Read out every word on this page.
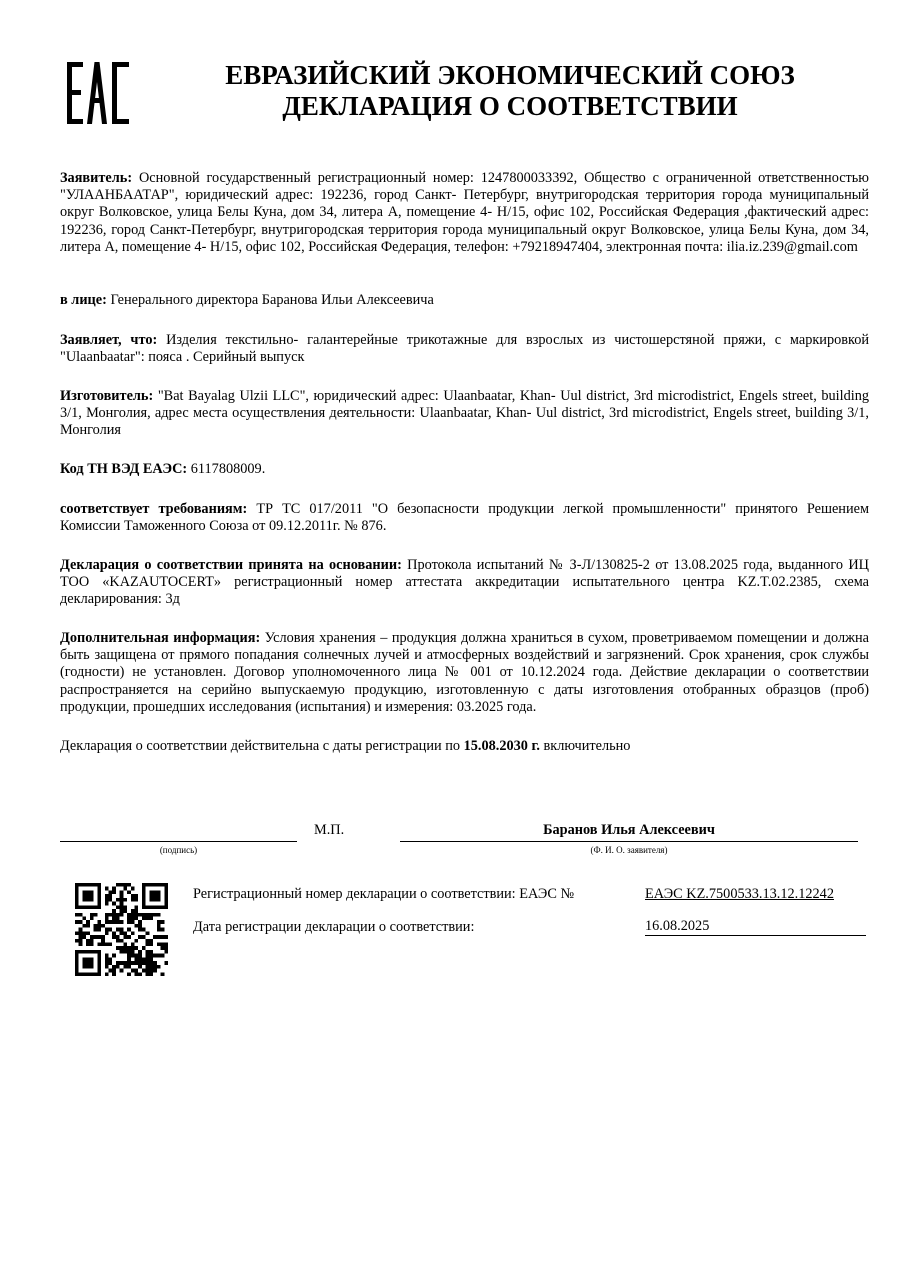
ЕВРАЗИЙСКИЙ ЭКОНОМИЧЕСКИЙ СОЮЗ
ДЕКЛАРАЦИЯ О СООТВЕТСТВИИ
Заявитель: Основной государственный регистрационный номер: 1247800033392, Общество с ограниченной ответственностью "УЛААНБААТАР", юридический адрес: 192236, город Санкт- Петербург, внутригородская территория города муниципальный округ Волковское, улица Белы Куна, дом 34, литера А, помещение 4- Н/15, офис 102, Российская Федерация ,фактический адрес: 192236, город Санкт-Петербург, внутригородская территория города муниципальный округ Волковское, улица Белы Куна, дом 34, литера А, помещение 4- Н/15, офис 102, Российская Федерация, телефон: +79218947404, электронная почта: ilia.iz.239@gmail.com
в лице: Генерального директора Баранова Ильи Алексеевича
Заявляет, что: Изделия текстильно- галантерейные трикотажные для взрослых из чистошерстяной пряжи, с маркировкой "Ulaanbaatar": пояса . Серийный выпуск
Изготовитель: "Bat Bayalag Ulzii LLC", юридический адрес: Ulaanbaatar, Khan- Uul district, 3rd microdistrict, Engels street, building 3/1, Монголия, адрес места осуществления деятельности: Ulaanbaatar, Khan- Uul district, 3rd microdistrict, Engels street, building 3/1, Монголия
Код ТН ВЭД ЕАЭС: 6117808009.
соответствует требованиям: ТР ТС 017/2011 "О безопасности продукции легкой промышленности" принятого Решением Комиссии Таможенного Союза от 09.12.2011г. № 876.
Декларация о соответствии принята на основании: Протокола испытаний № З-Л/130825-2 от 13.08.2025 года, выданного ИЦ ТОО «KAZAUTOCERT» регистрационный номер аттестата аккредитации испытательного центра KZ.T.02.2385, схема декларирования: 3д
Дополнительная информация: Условия хранения – продукция должна храниться в сухом, проветриваемом помещении и должна быть защищена от прямого попадания солнечных лучей и атмосферных воздействий и загрязнений. Срок хранения, срок службы (годности) не установлен. Договор уполномоченного лица № 001 от 10.12.2024 года. Действие декларации о соответствии распространяется на серийно выпускаемую продукцию, изготовленную с даты изготовления отобранных образцов (проб) продукции, прошедших исследования (испытания) и измерения: 03.2025 года.
Декларация о соответствии действительна с даты регистрации по 15.08.2030 г. включительно
(подпись)
М.П.	Баранов Илья Алексеевич
(Ф. И. О. заявителя)
Регистрационный номер декларации о соответствии: ЕАЭС №	ЕАЭС KZ.7500533.13.12.12242
Дата регистрации декларации о соответствии:	16.08.2025
